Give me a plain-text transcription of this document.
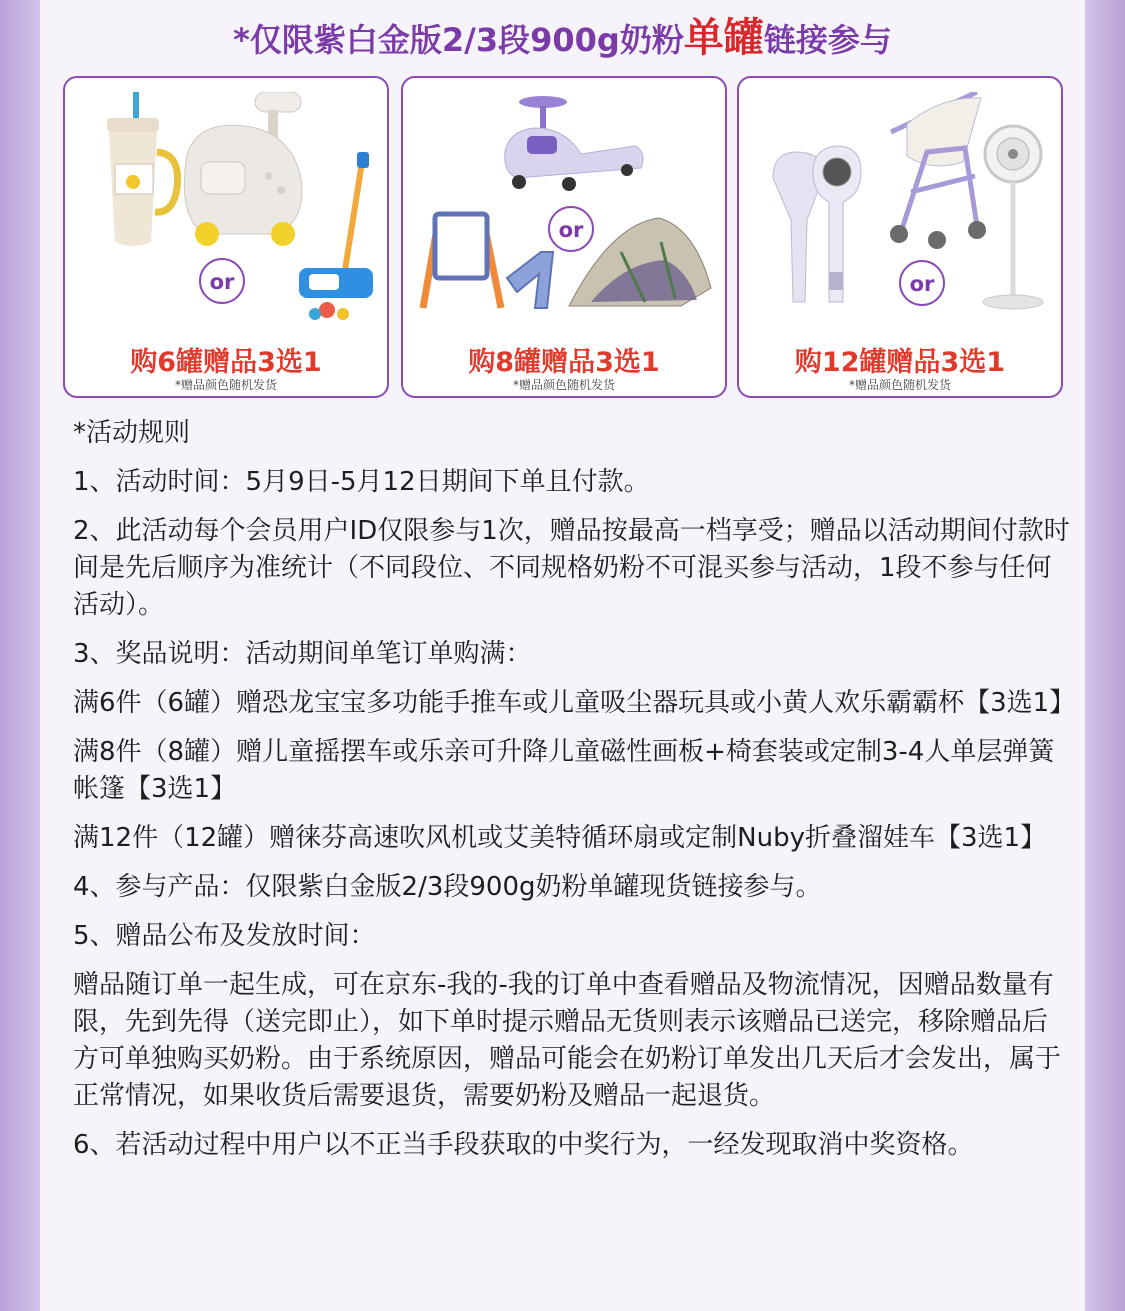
*仅限紫白金版2/3段900g奶粉单罐链接参与
or
购6罐赠品3选1
*赠品颜色随机发货
or
购8罐赠品3选1
*赠品颜色随机发货
or
购12罐赠品3选1
*赠品颜色随机发货

*活动规则

1、活动时间：5月9日-5月12日期间下单且付款。

2、此活动每个会员用户ID仅限参与1次，赠品按最高一档享受；赠品以活动期间付款时间是先后顺序为准统计（不同段位、不同规格奶粉不可混买参与活动，1段不参与任何活动）。

3、奖品说明：活动期间单笔订单购满：

满6件（6罐）赠恐龙宝宝多功能手推车或儿童吸尘器玩具或小黄人欢乐霸霸杯【3选1】

满8件（8罐）赠儿童摇摆车或乐亲可升降儿童磁性画板+椅套装或定制3-4人单层弹簧帐篷【3选1】

满12件（12罐）赠徕芬高速吹风机或艾美特循环扇或定制Nuby折叠溜娃车【3选1】

4、参与产品：仅限紫白金版2/3段900g奶粉单罐现货链接参与。

5、赠品公布及发放时间：

赠品随订单一起生成，可在京东-我的-我的订单中查看赠品及物流情况，因赠品数量有限，先到先得（送完即止），如下单时提示赠品无货则表示该赠品已送完，移除赠品后方可单独购买奶粉。由于系统原因，赠品可能会在奶粉订单发出几天后才会发出，属于正常情况，如果收货后需要退货，需要奶粉及赠品一起退货。

6、若活动过程中用户以不正当手段获取的中奖行为，一经发现取消中奖资格。
